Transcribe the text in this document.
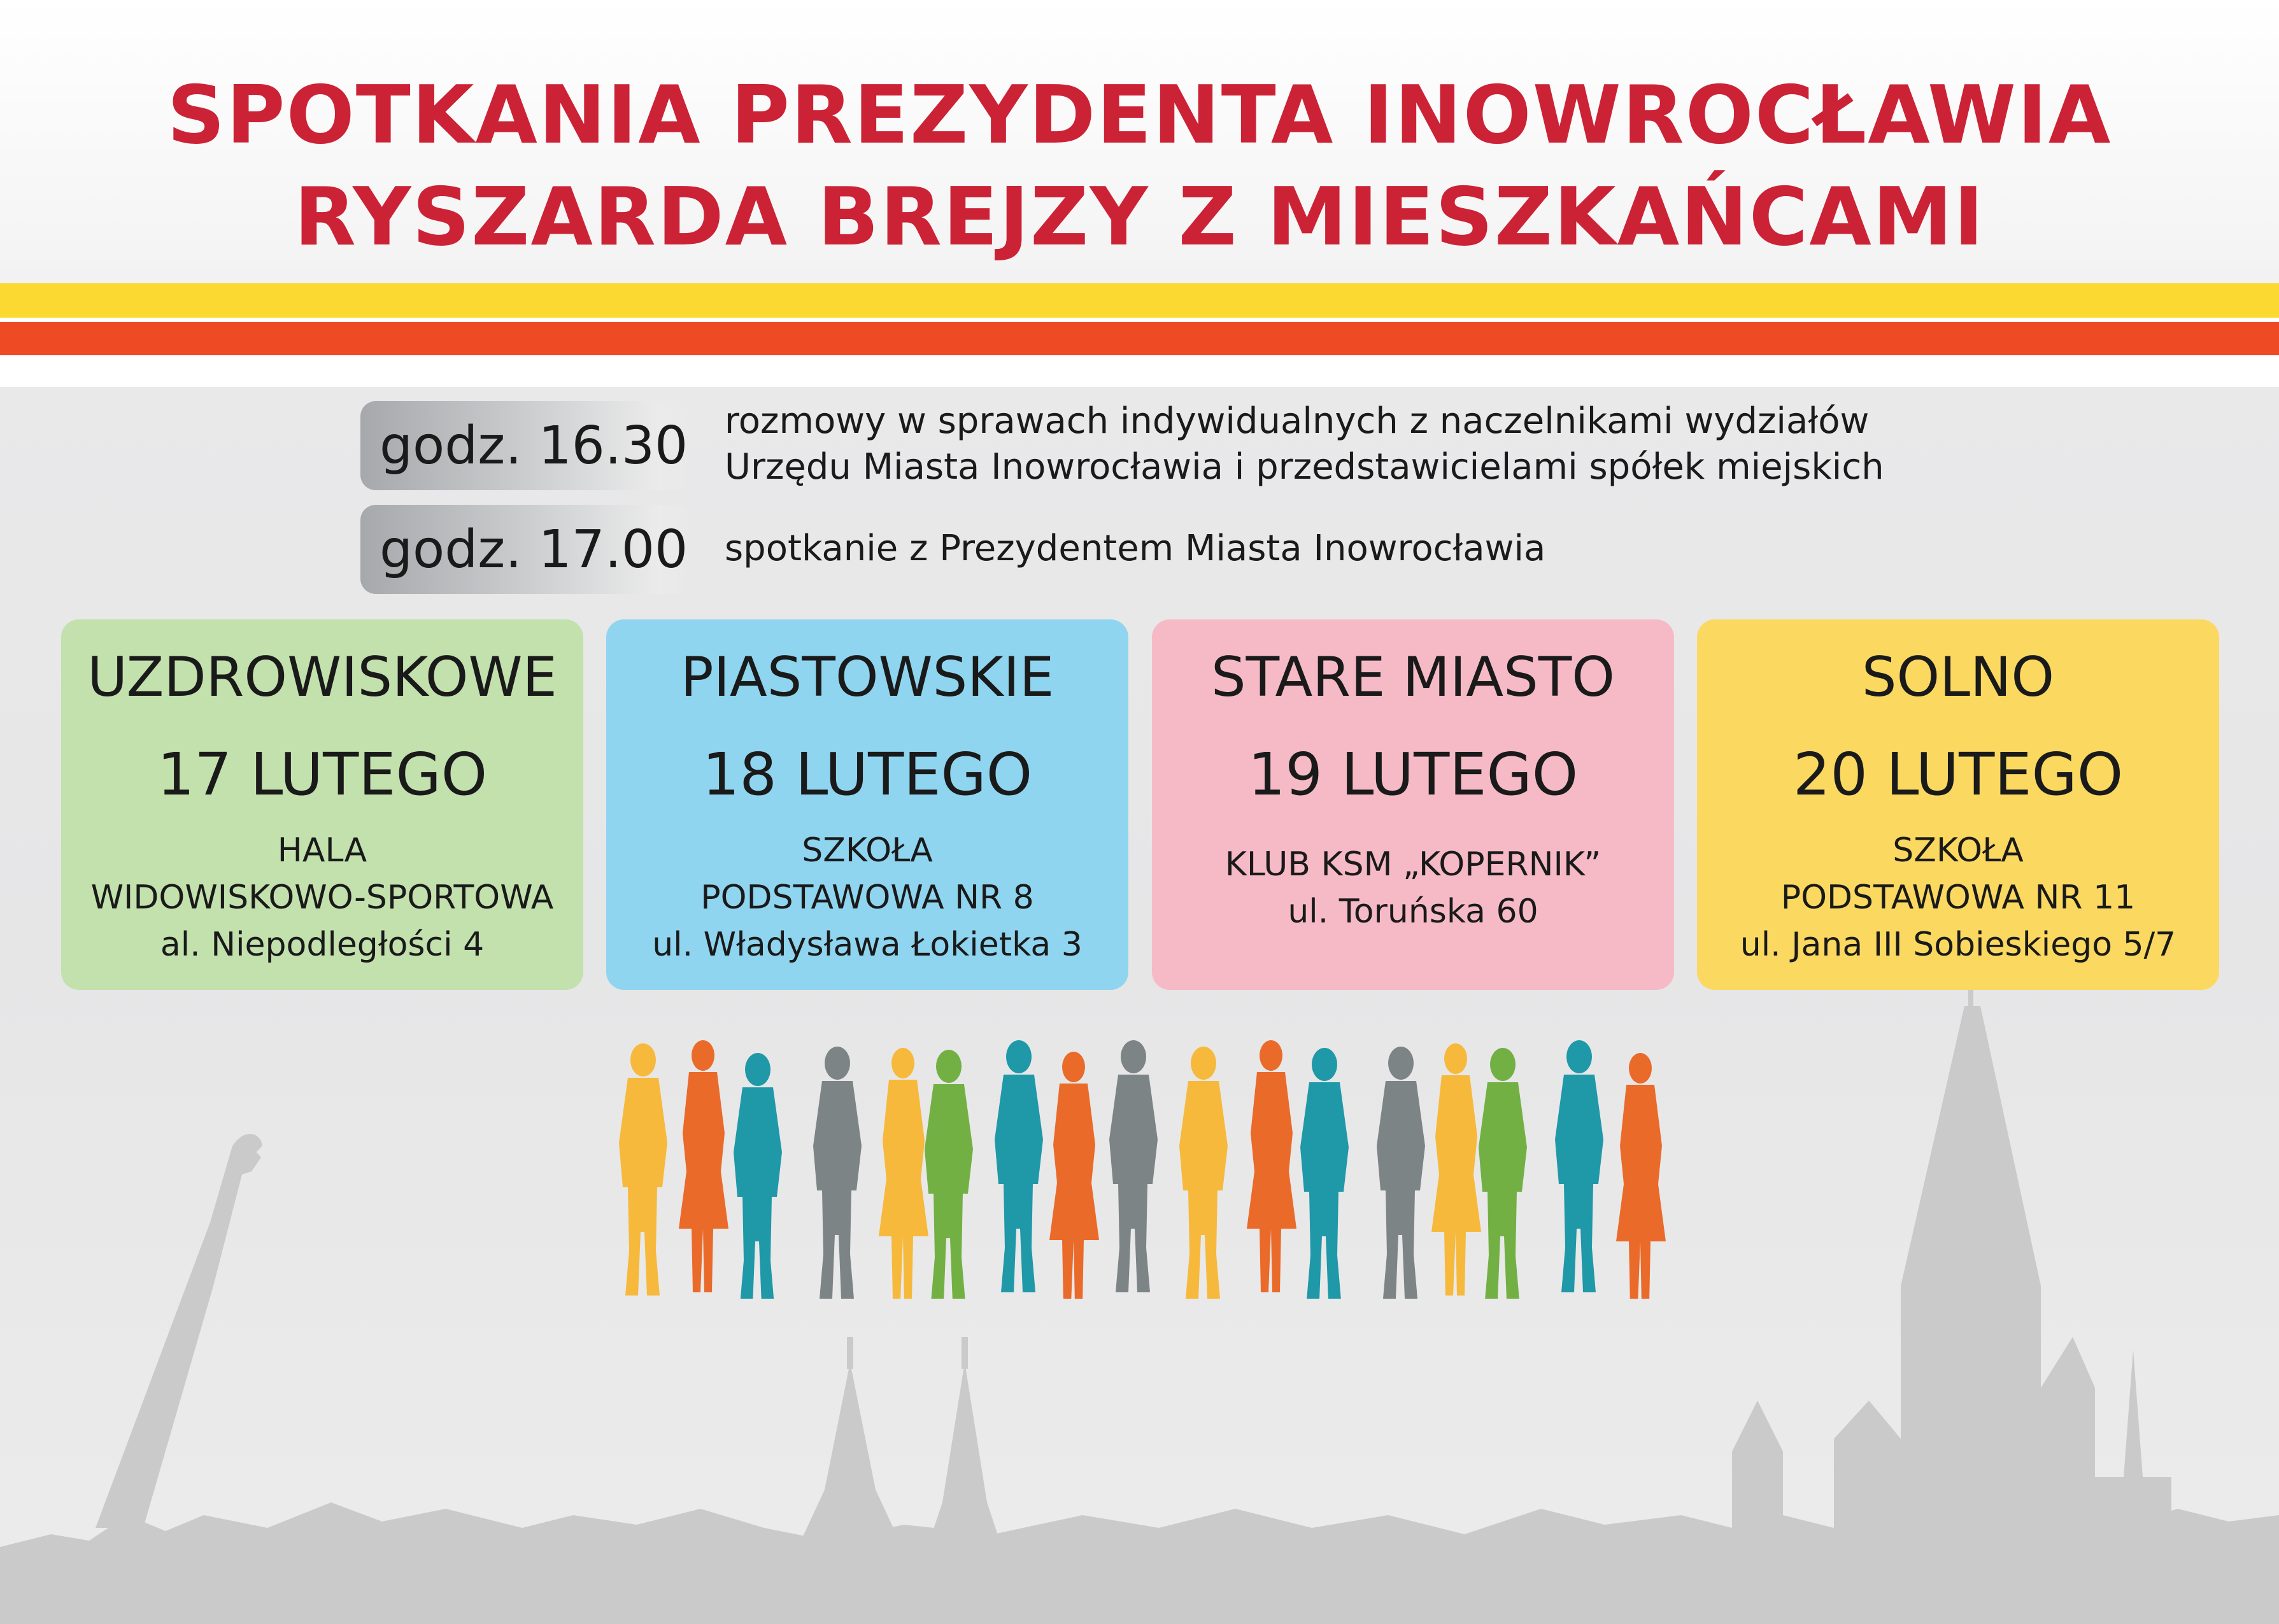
SPOTKANIA PREZYDENTA INOWROCŁAWIA
RYSZARDA BREJZY Z MIESZKAŃCAMI
godz. 16.30 rozmowy w sprawach indywidualnych z naczelnikami wydziałów

Urzędu Miasta Inowrocławia i przedstawicielami spółek miejskich

godz. 17.00 spotkanie z Prezydentem Miasta Inowrocławia

UZDROWISKOWE
17 LUTEGO
HALA
WIDOWISKOWO-SPORTOWA
al. Niepodległości 4
PIASTOWSKIE
18 LUTEGO
SZKOŁA
PODSTAWOWA NR 8
ul. Władysława Łokietka 3
STARE MIASTO
19 LUTEGO
KLUB KSM „KOPERNIK”
ul. Toruńska 60
SOLNO
20 LUTEGO
SZKOŁA
PODSTAWOWA NR 11
ul. Jana III Sobieskiego 5/7
